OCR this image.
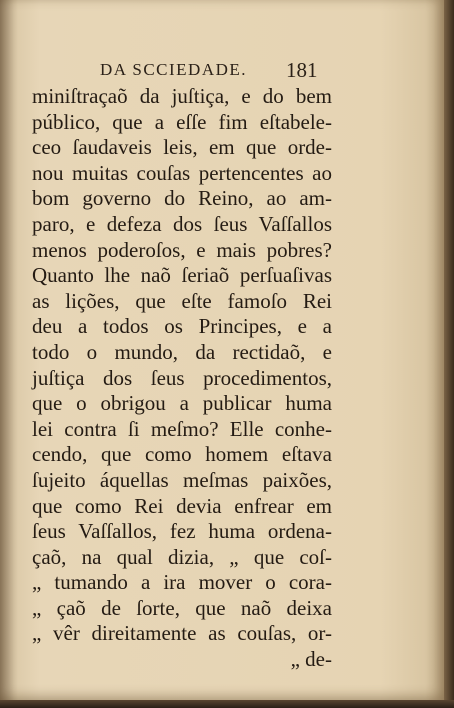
DA SCCIEDADE. 181
miniſtraçaõ da juſtiça, e do bem
público, que a eſſe fim eſtabele-
ceo ſaudaveis leis, em que orde-
nou muitas couſas pertencentes ao
bom governo do Reino, ao am-
paro, e defeza dos ſeus Vaſſallos
menos poderoſos, e mais pobres?
Quanto lhe naõ ſeriaõ perſuaſivas
as lições, que eſte famoſo Rei
deu a todos os Principes, e a
todo o mundo, da rectidaõ, e
juſtiça dos ſeus procedimentos,
que o obrigou a publicar huma
lei contra ſi meſmo? Elle conhe-
cendo, que como homem eſtava
ſujeito áquellas meſmas paixões,
que como Rei devia enfrear em
ſeus Vaſſallos, fez huma ordena-
çaõ, na qual dizia, „ que coſ-
„ tumando a ira mover o cora-
„ çaõ de ſorte, que naõ deixa
„ vêr direitamente as couſas, or-
„ de-
